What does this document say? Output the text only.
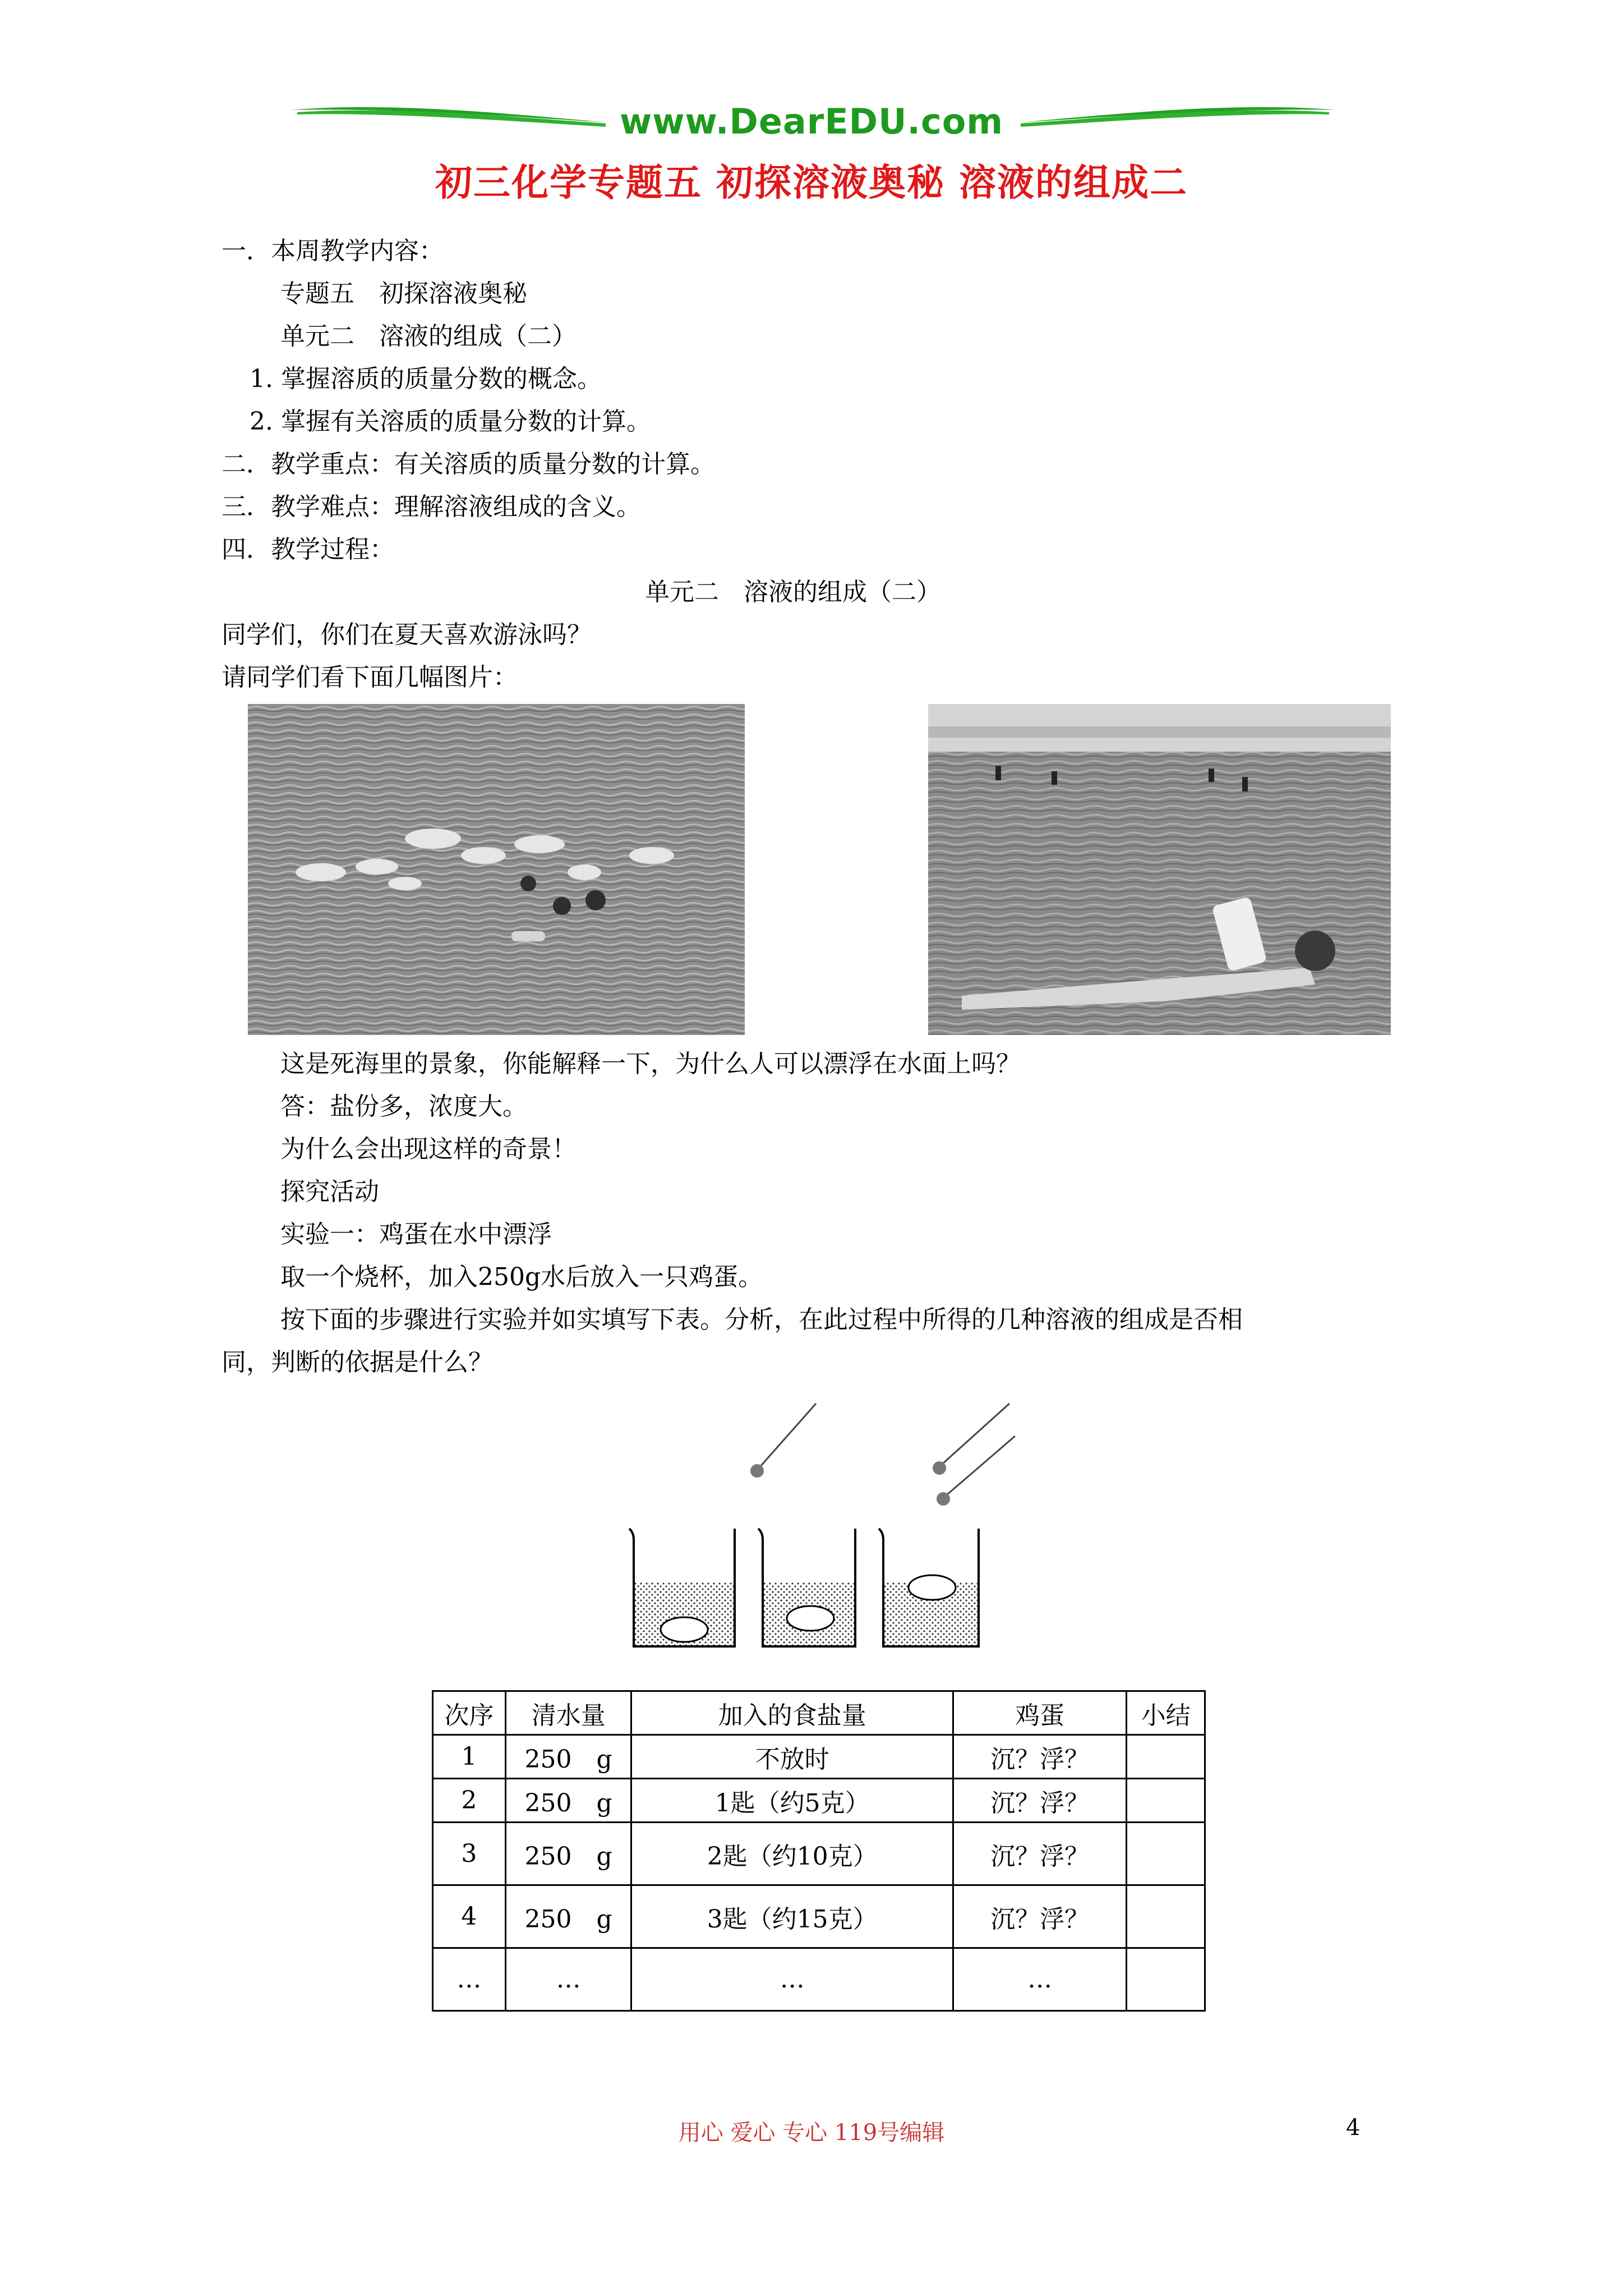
www.DearEDU.com
初三化学专题五 初探溶液奥秘 溶液的组成二
一．本周教学内容：
专题五　初探溶液奥秘
单元二　溶液的组成（二）
1. 掌握溶质的质量分数的概念。
2. 掌握有关溶质的质量分数的计算。
二．教学重点：有关溶质的质量分数的计算。
三．教学难点：理解溶液组成的含义。
四．教学过程：
单元二　溶液的组成（二）
同学们，你们在夏天喜欢游泳吗？
请同学们看下面几幅图片：
这是死海里的景象，你能解释一下，为什么人可以漂浮在水面上吗？
答：盐份多，浓度大。
为什么会出现这样的奇景！
探究活动
实验一：鸡蛋在水中漂浮
取一个烧杯，加入250g水后放入一只鸡蛋。
按下面的步骤进行实验并如实填写下表。分析，在此过程中所得的几种溶液的组成是否相
同，判断的依据是什么？
次序	清水量	加入的食盐量	鸡蛋	小结
1	250　g	不放时	沉？浮？	
2	250　g	1匙（约5克）	沉？浮？	
3	250　g	2匙（约10克）	沉？浮？	
4	250　g	3匙（约15克）	沉？浮？	
…	…	…	…	
用心 爱心 专心 119号编辑	4
